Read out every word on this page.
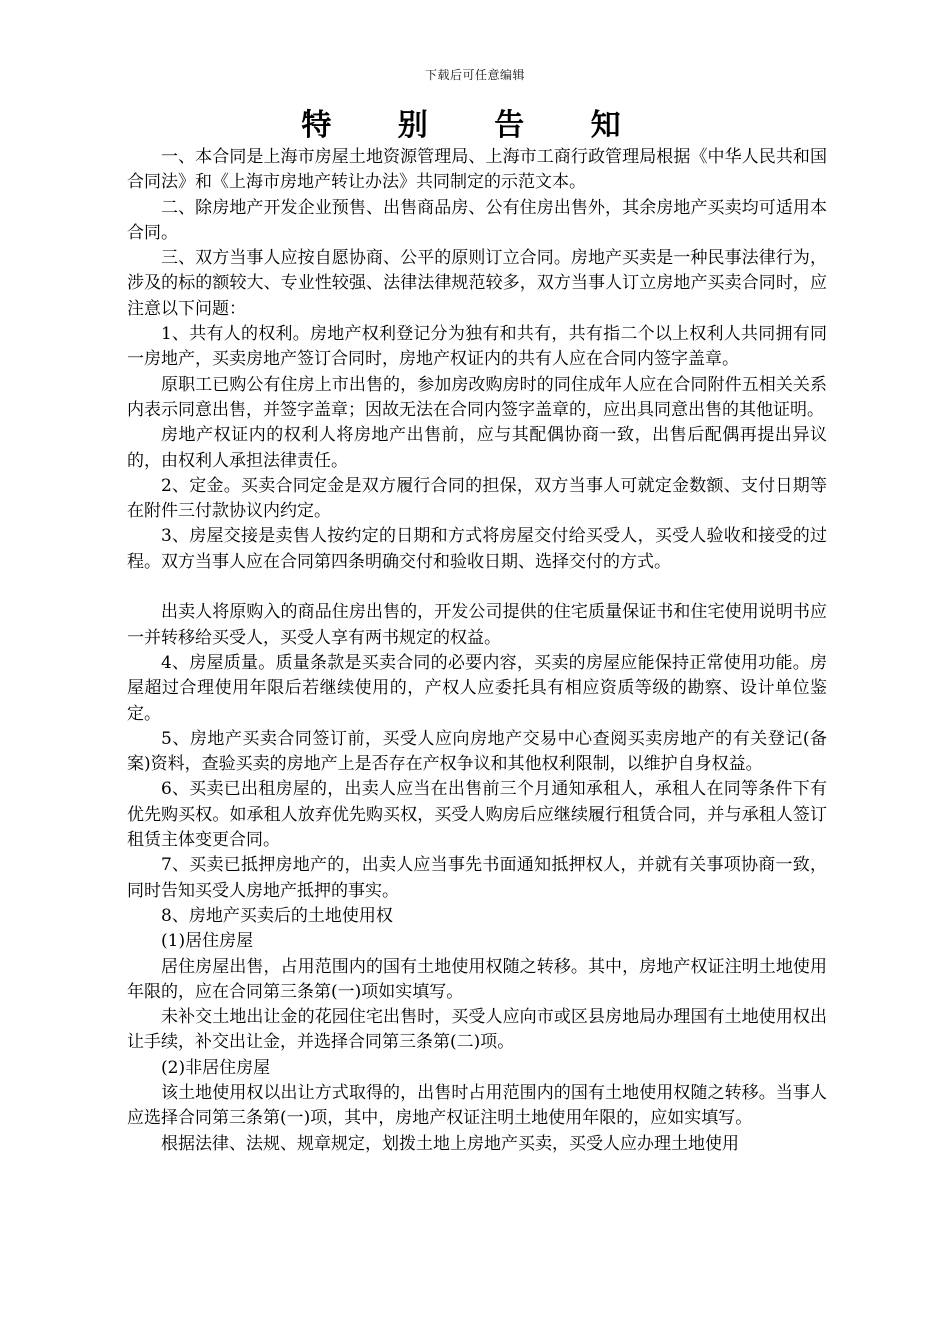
下载后可任意编辑
特 别 告 知

一、本合同是上海市房屋土地资源管理局、上海市工商行政管理局根据《中华人民共和国合同法》和《上海市房地产转让办法》共同制定的示范文本。

二、除房地产开发企业预售、出售商品房、公有住房出售外，其余房地产买卖均可适用本合同。

三、双方当事人应按自愿协商、公平的原则订立合同。房地产买卖是一种民事法律行为，涉及的标的额较大、专业性较强、法律法律规范较多，双方当事人订立房地产买卖合同时，应注意以下问题：

1、共有人的权利。房地产权利登记分为独有和共有，共有指二个以上权利人共同拥有同一房地产，买卖房地产签订合同时，房地产权证内的共有人应在合同内签字盖章。

原职工已购公有住房上市出售的，参加房改购房时的同住成年人应在合同附件五相关关系内表示同意出售，并签字盖章；因故无法在合同内签字盖章的，应出具同意出售的其他证明。

房地产权证内的权利人将房地产出售前，应与其配偶协商一致，出售后配偶再提出异议的，由权利人承担法律责任。

2、定金。买卖合同定金是双方履行合同的担保，双方当事人可就定金数额、支付日期等在附件三付款协议内约定。

3、房屋交接是卖售人按约定的日期和方式将房屋交付给买受人，买受人验收和接受的过程。双方当事人应在合同第四条明确交付和验收日期、选择交付的方式。

出卖人将原购入的商品住房出售的，开发公司提供的住宅质量保证书和住宅使用说明书应一并转移给买受人，买受人享有两书规定的权益。

4、房屋质量。质量条款是买卖合同的必要内容，买卖的房屋应能保持正常使用功能。房屋超过合理使用年限后若继续使用的，产权人应委托具有相应资质等级的勘察、设计单位鉴定。

5、房地产买卖合同签订前，买受人应向房地产交易中心查阅买卖房地产的有关登记(备案)资料，查验买卖的房地产上是否存在产权争议和其他权利限制，以维护自身权益。

6、买卖已出租房屋的，出卖人应当在出售前三个月通知承租人，承租人在同等条件下有优先购买权。如承租人放弃优先购买权，买受人购房后应继续履行租赁合同，并与承租人签订租赁主体变更合同。

7、买卖已抵押房地产的，出卖人应当事先书面通知抵押权人，并就有关事项协商一致，同时告知买受人房地产抵押的事实。

8、房地产买卖后的土地使用权

(1)居住房屋

居住房屋出售，占用范围内的国有土地使用权随之转移。其中，房地产权证注明土地使用年限的，应在合同第三条第(一)项如实填写。

未补交土地出让金的花园住宅出售时，买受人应向市或区县房地局办理国有土地使用权出让手续，补交出让金，并选择合同第三条第(二)项。

(2)非居住房屋

该土地使用权以出让方式取得的，出售时占用范围内的国有土地使用权随之转移。当事人应选择合同第三条第(一)项，其中，房地产权证注明土地使用年限的，应如实填写。

根据法律、法规、规章规定，划拨土地上房地产买卖，买受人应办理土地使用
